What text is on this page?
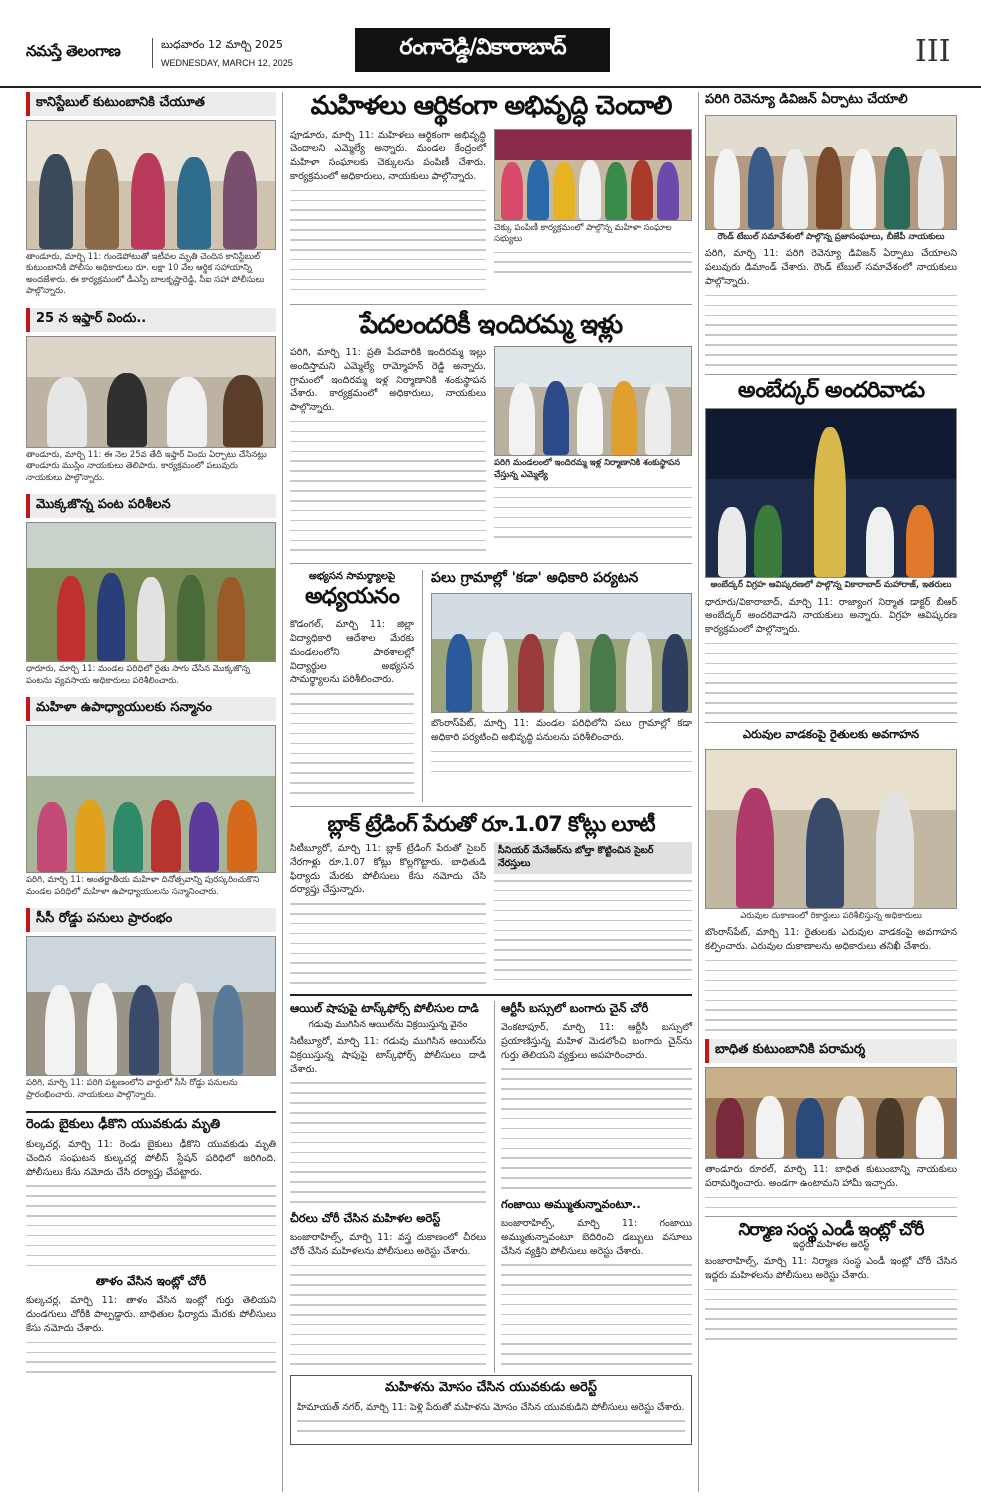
నమస్తే తెలంగాణ	బుధవారం 12 మార్చి 2025
WEDNESDAY, MARCH 12, 2025
రంగారెడ్డి/వికారాబాద్	III
కానిస్టేబుల్ కుటుంబానికి చేయూత
తాండూరు, మార్చి 11: గుండెపోటుతో ఇటీవల మృతి చెందిన కానిస్టేబుల్ కుటుంబానికి పోలీసు అధికారులు రూ. లక్షా 10 వేల ఆర్థిక సహాయాన్ని అందజేశారు. ఈ కార్యక్రమంలో డీఎస్పీ బాలకృష్ణారెడ్డి, సీఐ సహా పోలీసులు పాల్గొన్నారు.
25 న ఇఫ్తార్ విందు..
తాండూరు, మార్చి 11: ఈ నెల 25వ తేదీ ఇఫ్తార్ విందు ఏర్పాటు చేసినట్లు తాండూరు ముస్లిం నాయకులు తెలిపారు. కార్యక్రమంలో పలువురు నాయకులు పాల్గొన్నారు.
మొక్కజొన్న పంట పరిశీలన
ధారూరు, మార్చి 11: మండల పరిధిలో రైతు సాగు చేసిన మొక్కజొన్న పంటను వ్యవసాయ అధికారులు పరిశీలించారు.
మహిళా ఉపాధ్యాయులకు సన్మానం
పరిగి, మార్చి 11: అంతర్జాతీయ మహిళా దినోత్సవాన్ని పురస్కరించుకొని మండల పరిధిలో మహిళా ఉపాధ్యాయులను సన్మానించారు.
సీసీ రోడ్డు పనులు ప్రారంభం
పరిగి, మార్చి 11: పరిగి పట్టణంలోని వార్డులో సీసీ రోడ్డు పనులను ప్రారంభించారు. నాయకులు పాల్గొన్నారు.
రెండు బైకులు ఢీకొని యువకుడు మృతి
కుల్కచర్ల, మార్చి 11: రెండు బైకులు ఢీకొని యువకుడు మృతి చెందిన సంఘటన కుల్కచర్ల పోలీస్ స్టేషన్ పరిధిలో జరిగింది. పోలీసులు కేసు నమోదు చేసి దర్యాప్తు చేపట్టారు.
తాళం వేసిన ఇంట్లో చోరీ
కుల్కచర్ల, మార్చి 11: తాళం వేసిన ఇంట్లో గుర్తు తెలియని దుండగులు చోరీకి పాల్పడ్డారు. బాధితుల ఫిర్యాదు మేరకు పోలీసులు కేసు నమోదు చేశారు.
మహిళలు ఆర్థికంగా అభివృద్ధి చెందాలి
పూడూరు, మార్చి 11: మహిళలు ఆర్థికంగా అభివృద్ధి చెందాలని ఎమ్మెల్యే అన్నారు. మండల కేంద్రంలో మహిళా సంఘాలకు చెక్కులను పంపిణీ చేశారు. కార్యక్రమంలో అధికారులు, నాయకులు పాల్గొన్నారు.
చెక్కు పంపిణీ కార్యక్రమంలో పాల్గొన్న మహిళా సంఘాల సభ్యులు
పేదలందరికీ ఇందిరమ్మ ఇళ్లు
పరిగి, మార్చి 11: ప్రతి పేదవారికి ఇందిరమ్మ ఇల్లు అందిస్తామని ఎమ్మెల్యే రామ్మోహన్ రెడ్డి అన్నారు. గ్రామంలో ఇందిరమ్మ ఇళ్ల నిర్మాణానికి శంకుస్థాపన చేశారు. కార్యక్రమంలో అధికారులు, నాయకులు పాల్గొన్నారు.
పరిగి మండలంలో ఇందిరమ్మ ఇళ్ల నిర్మాణానికి శంకుస్థాపన చేస్తున్న ఎమ్మెల్యే
అభ్యసన సామర్థ్యాలపై
అధ్యయనం
కొడంగల్, మార్చి 11: జిల్లా విద్యాధికారి ఆదేశాల మేరకు మండలంలోని పాఠశాలల్లో విద్యార్థుల అభ్యసన సామర్థ్యాలను పరిశీలించారు.
పలు గ్రామాల్లో 'కడా' అధికారి పర్యటన
బొంరాస్‌పేట్, మార్చి 11: మండల పరిధిలోని పలు గ్రామాల్లో కడా అధికారి పర్యటించి అభివృద్ధి పనులను పరిశీలించారు.
బ్లాక్ ట్రేడింగ్ పేరుతో రూ.1.07 కోట్లు లూటీ
సిటీబ్యూరో, మార్చి 11: బ్లాక్ ట్రేడింగ్ పేరుతో సైబర్ నేరగాళ్లు రూ.1.07 కోట్లు కొల్లగొట్టారు. బాధితుడి ఫిర్యాదు మేరకు పోలీసులు కేసు నమోదు చేసి దర్యాప్తు చేస్తున్నారు.
సీనియర్ మేనేజర్‌ను బోల్తా కొట్టించిన సైబర్ నేరస్తులు
ఆయిల్ షాపుపై టాస్క్‌ఫోర్స్ పోలీసుల దాడి
గడువు ముగిసిన ఆయిల్‌ను విక్రయిస్తున్న వైనం
సిటీబ్యూరో, మార్చి 11: గడువు ముగిసిన ఆయిల్‌ను విక్రయిస్తున్న షాపుపై టాస్క్‌ఫోర్స్ పోలీసులు దాడి చేశారు.
చీరలు చోరీ చేసిన మహిళల అరెస్ట్
బంజారాహిల్స్, మార్చి 11: వస్త్ర దుకాణంలో చీరలు చోరీ చేసిన మహిళలను పోలీసులు అరెస్టు చేశారు.
ఆర్టీసీ బస్సులో బంగారు చైన్ చోరీ
వెంకటాపూర్, మార్చి 11: ఆర్టీసీ బస్సులో ప్రయాణిస్తున్న మహిళ మెడలోంచి బంగారు చైన్‌ను గుర్తు తెలియని వ్యక్తులు అపహరించారు.
గంజాయి అమ్ముతున్నావంటూ..
బంజారాహిల్స్, మార్చి 11: గంజాయి అమ్ముతున్నావంటూ బెదిరించి డబ్బులు వసూలు చేసిన వ్యక్తిని పోలీసులు అరెస్టు చేశారు.
మహిళను మోసం చేసిన యువకుడు అరెస్ట్
హిమాయత్ నగర్, మార్చి 11: పెళ్లి పేరుతో మహిళను మోసం చేసిన యువకుడిని పోలీసులు అరెస్టు చేశారు.
పరిగి రెవెన్యూ డివిజన్ ఏర్పాటు చేయాలి
రౌండ్ టేబుల్ సమావేశంలో పాల్గొన్న ప్రజాసంఘాలు, బీజేపీ నాయకులు
పరిగి, మార్చి 11: పరిగి రెవెన్యూ డివిజన్ ఏర్పాటు చేయాలని పలువురు డిమాండ్ చేశారు. రౌండ్ టేబుల్ సమావేశంలో నాయకులు పాల్గొన్నారు.
అంబేద్కర్ అందరివాడు
అంబేద్కర్ విగ్రహ ఆవిష్కరణలో పాల్గొన్న వికారాబాద్ మహారాజ్, ఇతరులు
ధారూరు/వికారాబాద్, మార్చి 11: రాజ్యాంగ నిర్మాత డాక్టర్ బీఆర్ అంబేద్కర్ అందరివాడని నాయకులు అన్నారు. విగ్రహ ఆవిష్కరణ కార్యక్రమంలో పాల్గొన్నారు.
ఎరువుల వాడకంపై రైతులకు అవగాహన
ఎరువుల దుకాణంలో రికార్డులు పరిశీలిస్తున్న అధికారులు
బొంరాస్‌పేట్, మార్చి 11: రైతులకు ఎరువుల వాడకంపై అవగాహన కల్పించారు. ఎరువుల దుకాణాలను అధికారులు తనిఖీ చేశారు.
బాధిత కుటుంబానికి పరామర్శ
తాండూరు రూరల్, మార్చి 11: బాధిత కుటుంబాన్ని నాయకులు పరామర్శించారు. అండగా ఉంటామని హామీ ఇచ్చారు.
నిర్మాణ సంస్థ ఎండీ ఇంట్లో చోరీ
ఇద్దరు మహిళల అరెస్ట్
బంజారాహిల్స్, మార్చి 11: నిర్మాణ సంస్థ ఎండీ ఇంట్లో చోరీ చేసిన ఇద్దరు మహిళలను పోలీసులు అరెస్టు చేశారు.
